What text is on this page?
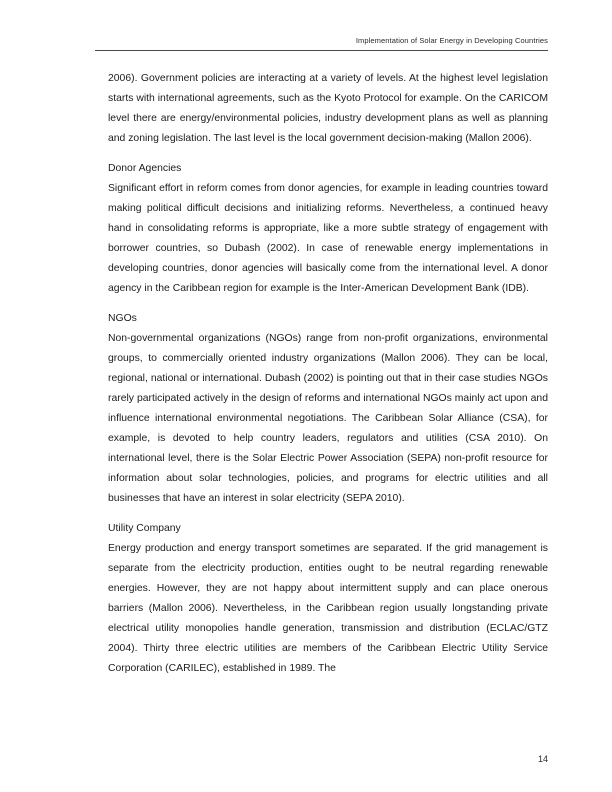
Implementation of Solar Energy in Developing Countries

2006). Government policies are interacting at a variety of levels. At the highest level legislation starts with international agreements, such as the Kyoto Protocol for example. On the CARICOM level there are energy/environmental policies, industry development plans as well as planning and zoning legislation. The last level is the local government decision-making (Mallon 2006).

Donor Agencies

Significant effort in reform comes from donor agencies, for example in leading countries toward making political difficult decisions and initializing reforms. Nevertheless, a continued heavy hand in consolidating reforms is appropriate, like a more subtle strategy of engagement with borrower countries, so Dubash (2002). In case of renewable energy implementations in developing countries, donor agencies will basically come from the international level. A donor agency in the Caribbean region for example is the Inter-American Development Bank (IDB).

NGOs

Non-governmental organizations (NGOs) range from non-profit organizations, environmental groups, to commercially oriented industry organizations (Mallon 2006). They can be local, regional, national or international. Dubash (2002) is pointing out that in their case studies NGOs rarely participated actively in the design of reforms and international NGOs mainly act upon and influence international environmental negotiations. The Caribbean Solar Alliance (CSA), for example, is devoted to help country leaders, regulators and utilities (CSA 2010). On international level, there is the Solar Electric Power Association (SEPA) non-profit resource for information about solar technologies, policies, and programs for electric utilities and all businesses that have an interest in solar electricity (SEPA 2010).

Utility Company

Energy production and energy transport sometimes are separated. If the grid management is separate from the electricity production, entities ought to be neutral regarding renewable energies. However, they are not happy about intermittent supply and can place onerous barriers (Mallon 2006). Nevertheless, in the Caribbean region usually longstanding private electrical utility monopolies handle generation, transmission and distribution (ECLAC/GTZ 2004). Thirty three electric utilities are members of the Caribbean Electric Utility Service Corporation (CARILEC), established in 1989. The

14
